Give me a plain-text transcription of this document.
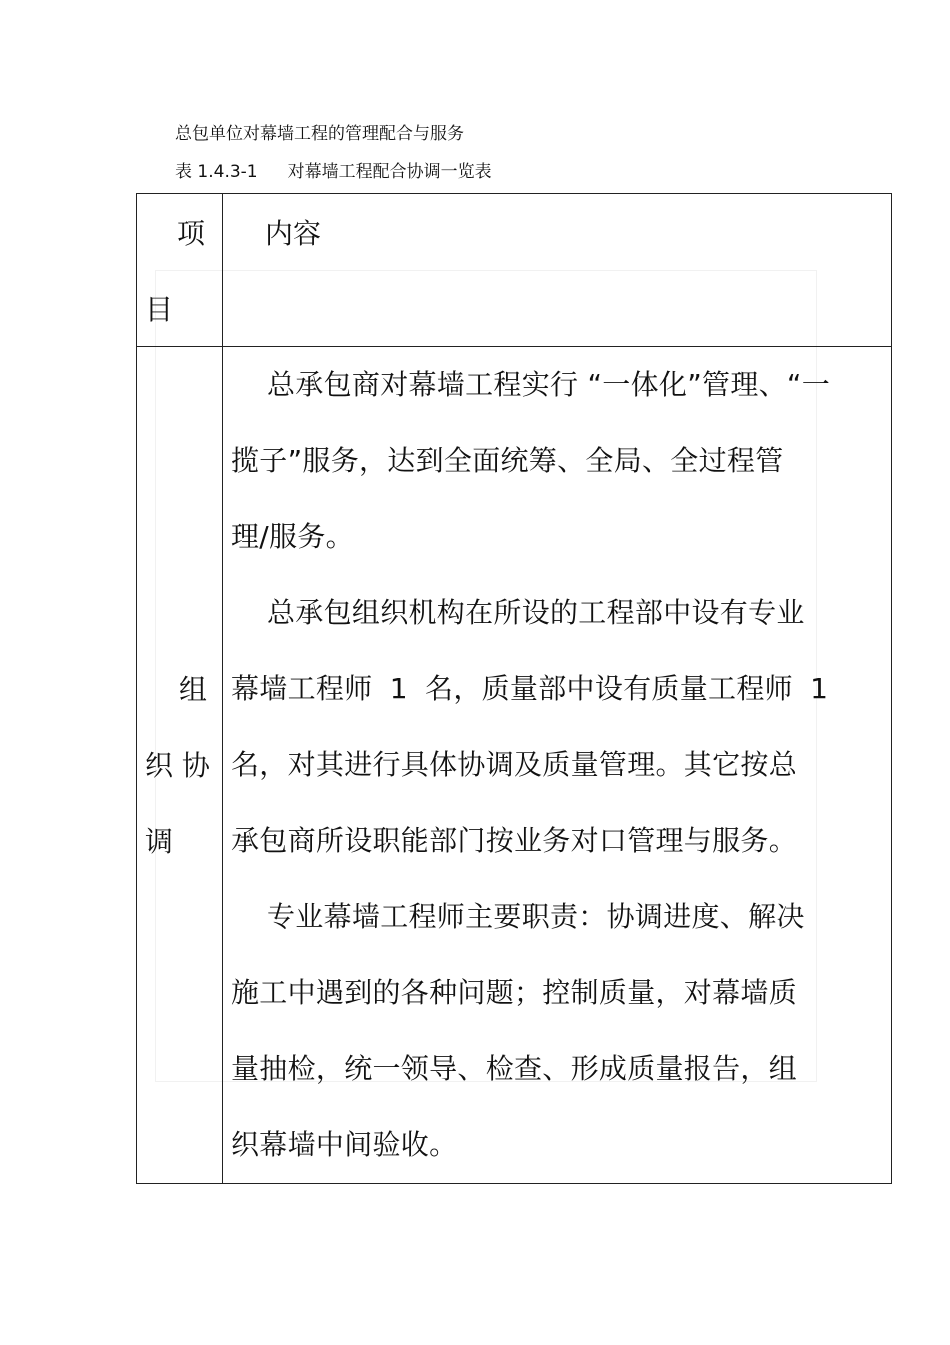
总包单位对幕墙工程的管理配合与服务
表 1.4.3-1 对幕墙工程配合协调一览表
项
目
内容
组
织 协
调
总承包商对幕墙工程实行 “一体化”管理、“一
揽子”服务，达到全面统筹、全局、全过程管
理/服务。
总承包组织机构在所设的工程部中设有专业
幕墙工程师 1 名，质量部中设有质量工程师 1
名，对其进行具体协调及质量管理。其它按总
承包商所设职能部门按业务对口管理与服务。
专业幕墙工程师主要职责：协调进度、解决
施工中遇到的各种问题；控制质量，对幕墙质
量抽检，统一领导、检查、形成质量报告，组
织幕墙中间验收。
